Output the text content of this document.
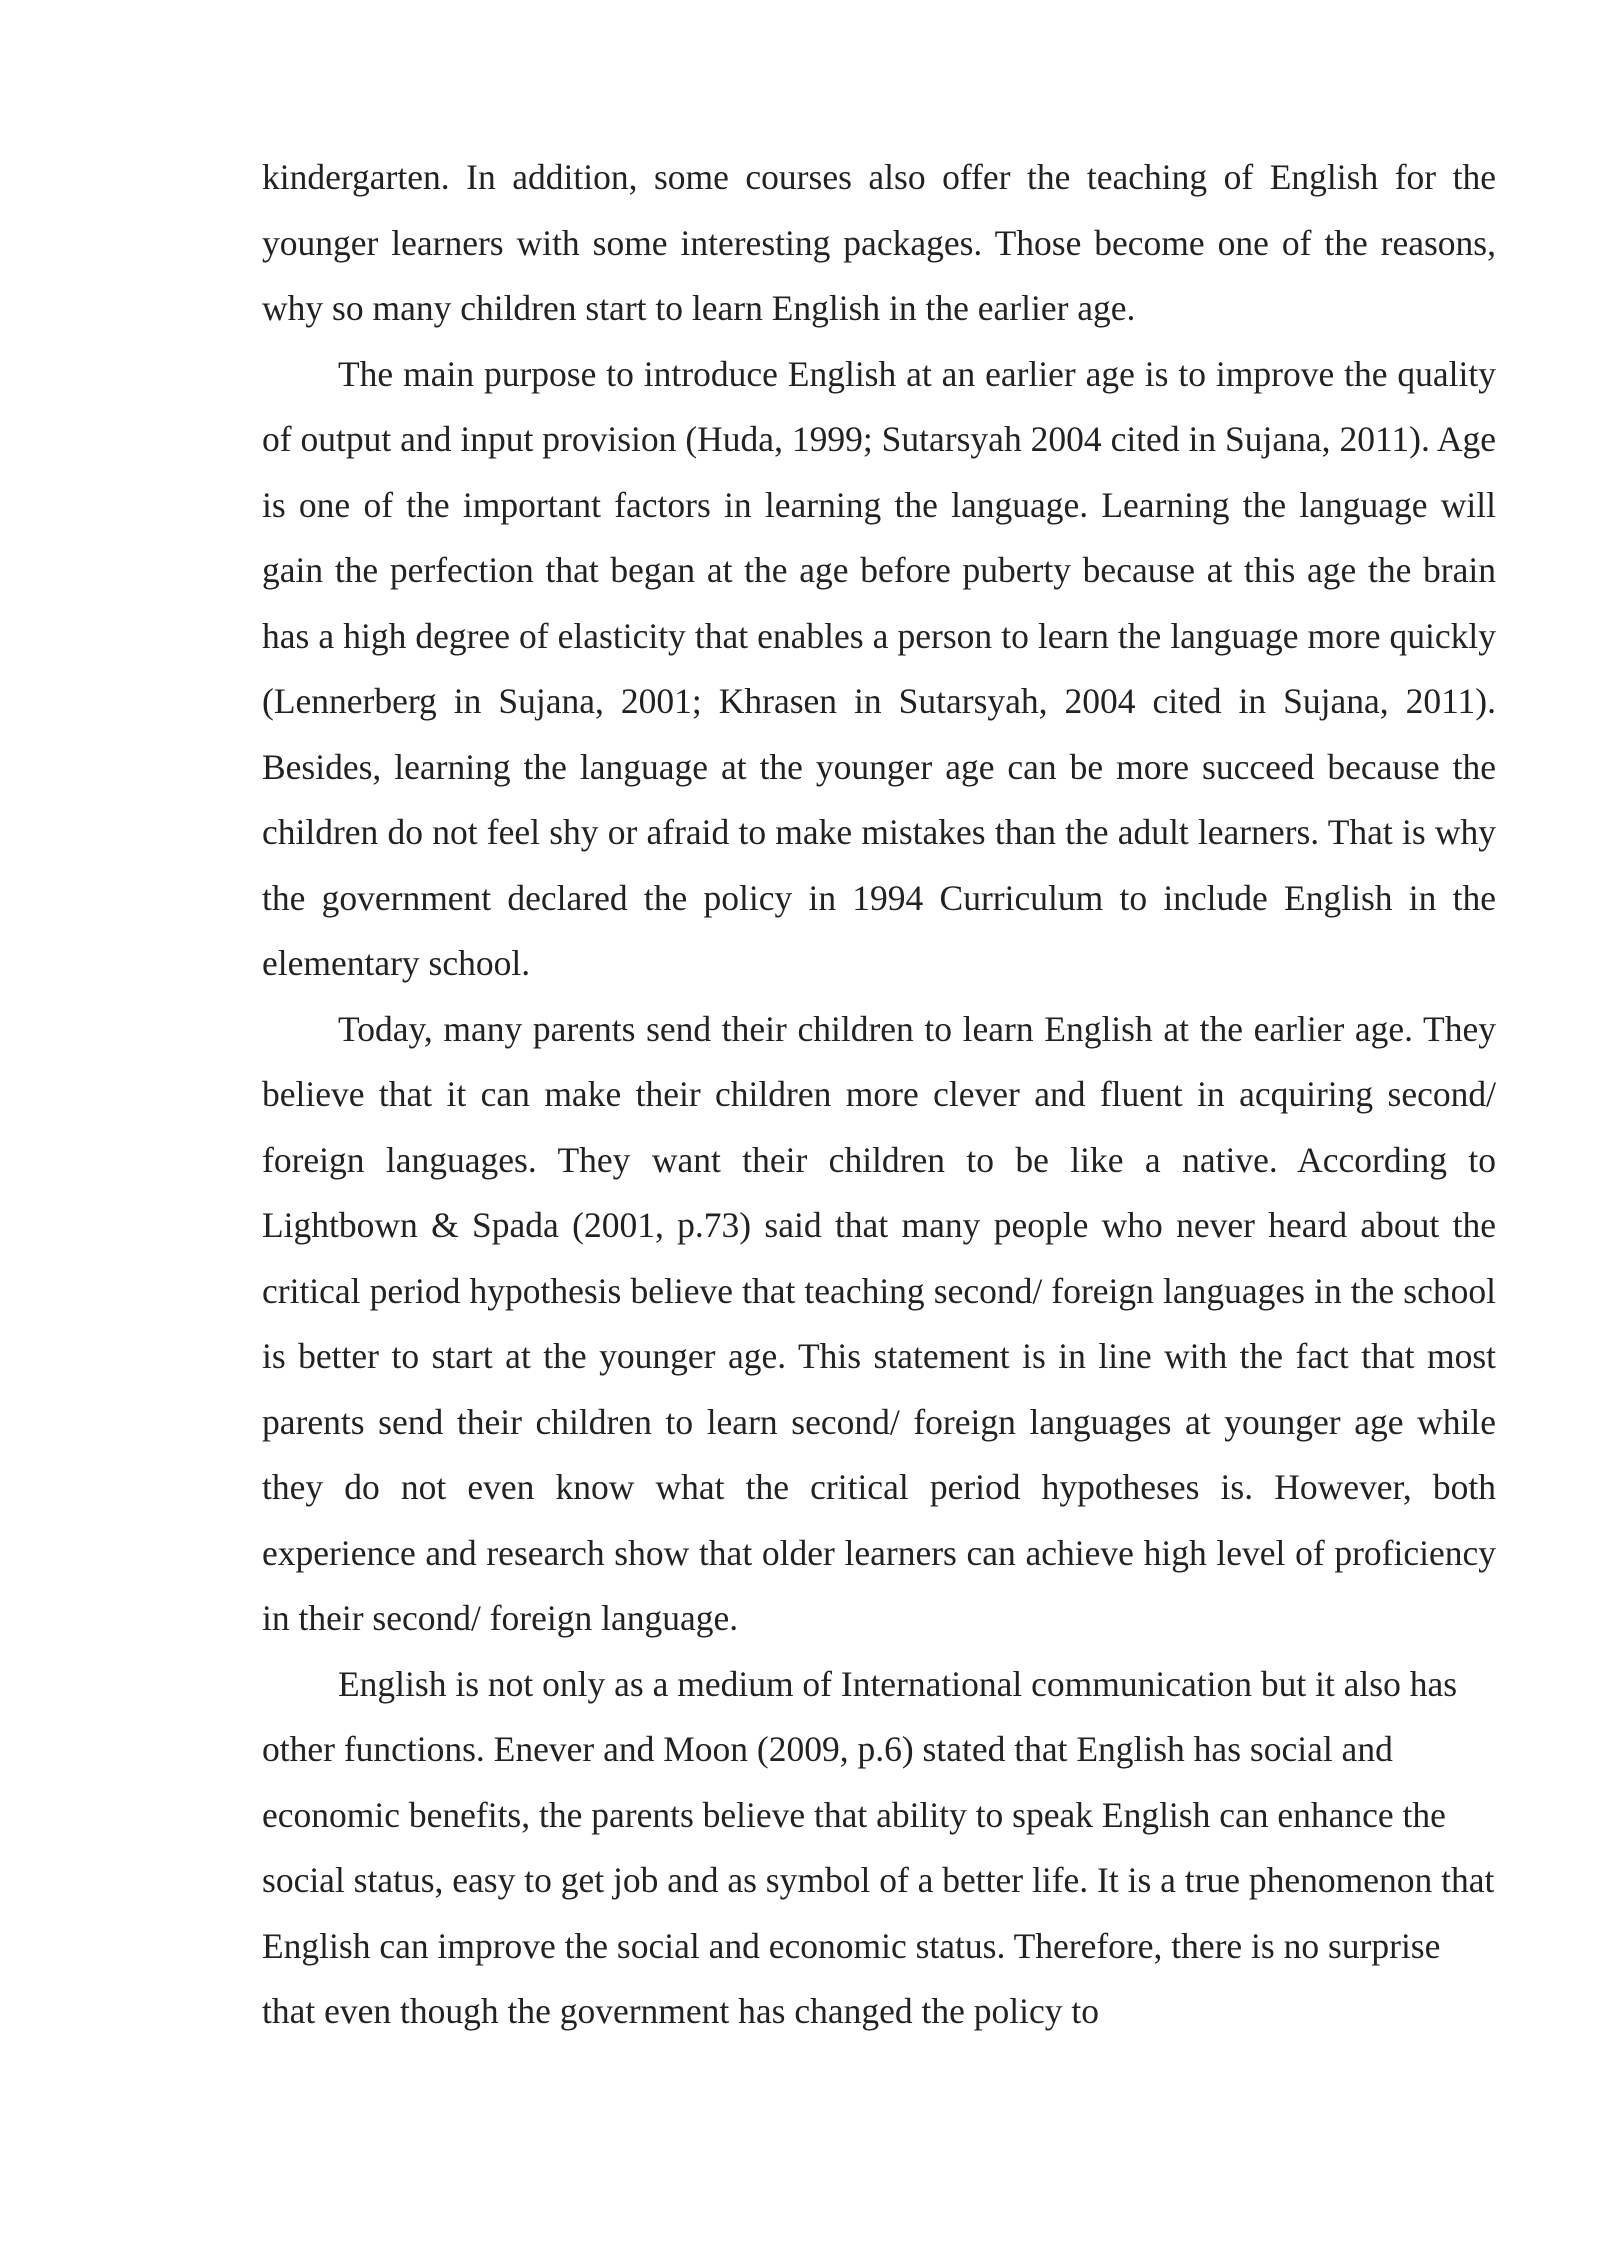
kindergarten. In addition, some courses also offer the teaching of English for the younger learners with some interesting packages. Those become one of the reasons, why so many children start to learn English in the earlier age.

The main purpose to introduce English at an earlier age is to improve the quality of output and input provision (Huda, 1999; Sutarsyah 2004 cited in Sujana, 2011). Age is one of the important factors in learning the language. Learning the language will gain the perfection that began at the age before puberty because at this age the brain has a high degree of elasticity that enables a person to learn the language more quickly (Lennerberg in Sujana, 2001; Khrasen in Sutarsyah, 2004 cited in Sujana, 2011). Besides, learning the language at the younger age can be more succeed because the children do not feel shy or afraid to make mistakes than the adult learners. That is why the government declared the policy in 1994 Curriculum to include English in the elementary school.

Today, many parents send their children to learn English at the earlier age. They believe that it can make their children more clever and fluent in acquiring second/ foreign languages. They want their children to be like a native. According to Lightbown & Spada (2001, p.73) said that many people who never heard about the critical period hypothesis believe that teaching second/ foreign languages in the school is better to start at the younger age. This statement is in line with the fact that most parents send their children to learn second/ foreign languages at younger age while they do not even know what the critical period hypotheses is. However, both experience and research show that older learners can achieve high level of proficiency in their second/ foreign language.

English is not only as a medium of International communication but it also has other functions. Enever and Moon (2009, p.6) stated that English has social and economic benefits, the parents believe that ability to speak English can enhance the social status, easy to get job and as symbol of a better life. It is a true phenomenon that English can improve the social and economic status. Therefore, there is no surprise that even though the government has changed the policy to
